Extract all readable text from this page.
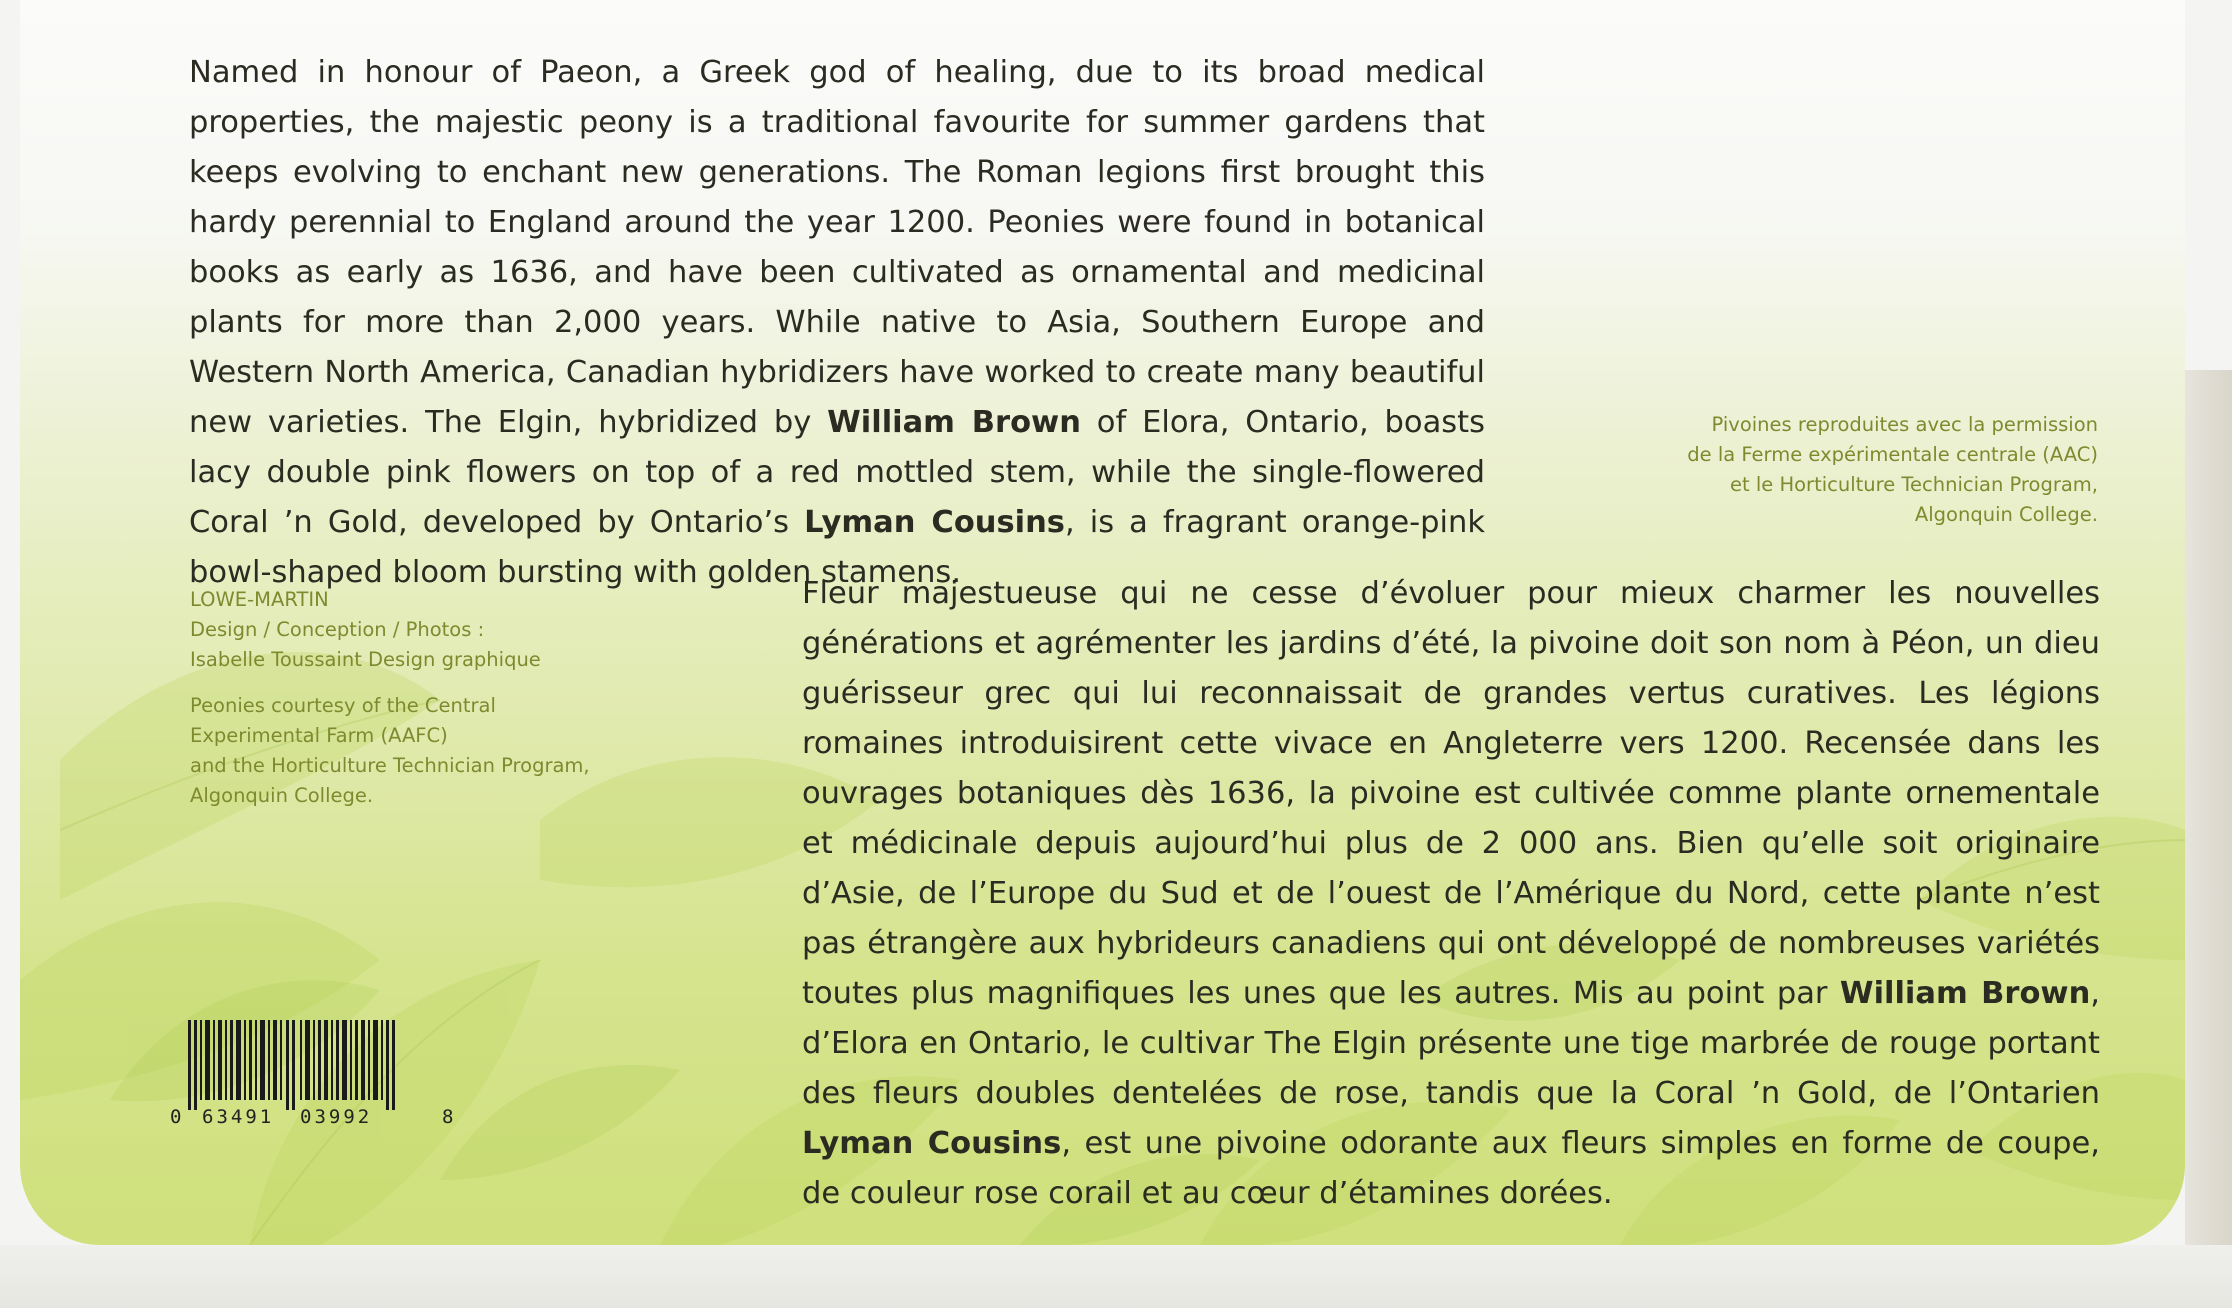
Named in honour of Paeon, a Greek god of healing, due to its broad medical properties, the majestic peony is a traditional favourite for summer gardens that keeps evolving to enchant new generations. The Roman legions first brought this hardy perennial to England around the year 1200. Peonies were found in botanical books as early as 1636, and have been cultivated as ornamental and medicinal plants for more than 2,000 years. While native to Asia, Southern Europe and Western North America, Canadian hybridizers have worked to create many beautiful new varieties. The Elgin, hybridized by William Brown of Elora, Ontario, boasts lacy double pink flowers on top of a red mottled stem, while the single-flowered Coral ’n Gold, developed by Ontario’s Lyman Cousins, is a fragrant orange-pink bowl-shaped bloom bursting with golden stamens.
Pivoines reproduites avec la permission
de la Ferme expérimentale centrale (AAC)
et le Horticulture Technician Program,
Algonquin College.
LOWE-MARTIN
Design / Conception / Photos :
Isabelle Toussaint Design graphique
Peonies courtesy of the Central
Experimental Farm (AAFC)
and the Horticulture Technician Program,
Algonquin College.
Fleur majestueuse qui ne cesse d’évoluer pour mieux charmer les nouvelles générations et agrémenter les jardins d’été, la pivoine doit son nom à Péon, un dieu guérisseur grec qui lui reconnaissait de grandes vertus curatives. Les légions romaines introduisirent cette vivace en Angleterre vers 1200. Recensée dans les ouvrages botaniques dès 1636, la pivoine est cultivée comme plante ornementale et médicinale depuis aujourd’hui plus de 2 000 ans. Bien qu’elle soit originaire d’Asie, de l’Europe du Sud et de l’ouest de l’Amérique du Nord, cette plante n’est pas étrangère aux hybrideurs canadiens qui ont développé de nombreuses variétés toutes plus magnifiques les unes que les autres. Mis au point par William Brown, d’Elora en Ontario, le cultivar The Elgin présente une tige marbrée de rouge portant des fleurs doubles dentelées de rose, tandis que la Coral ’n Gold, de l’Ontarien Lyman Cousins, est une pivoine odorante aux fleurs simples en forme de coupe, de couleur rose corail et au cœur d’étamines dorées.
0 63491 03992	8
